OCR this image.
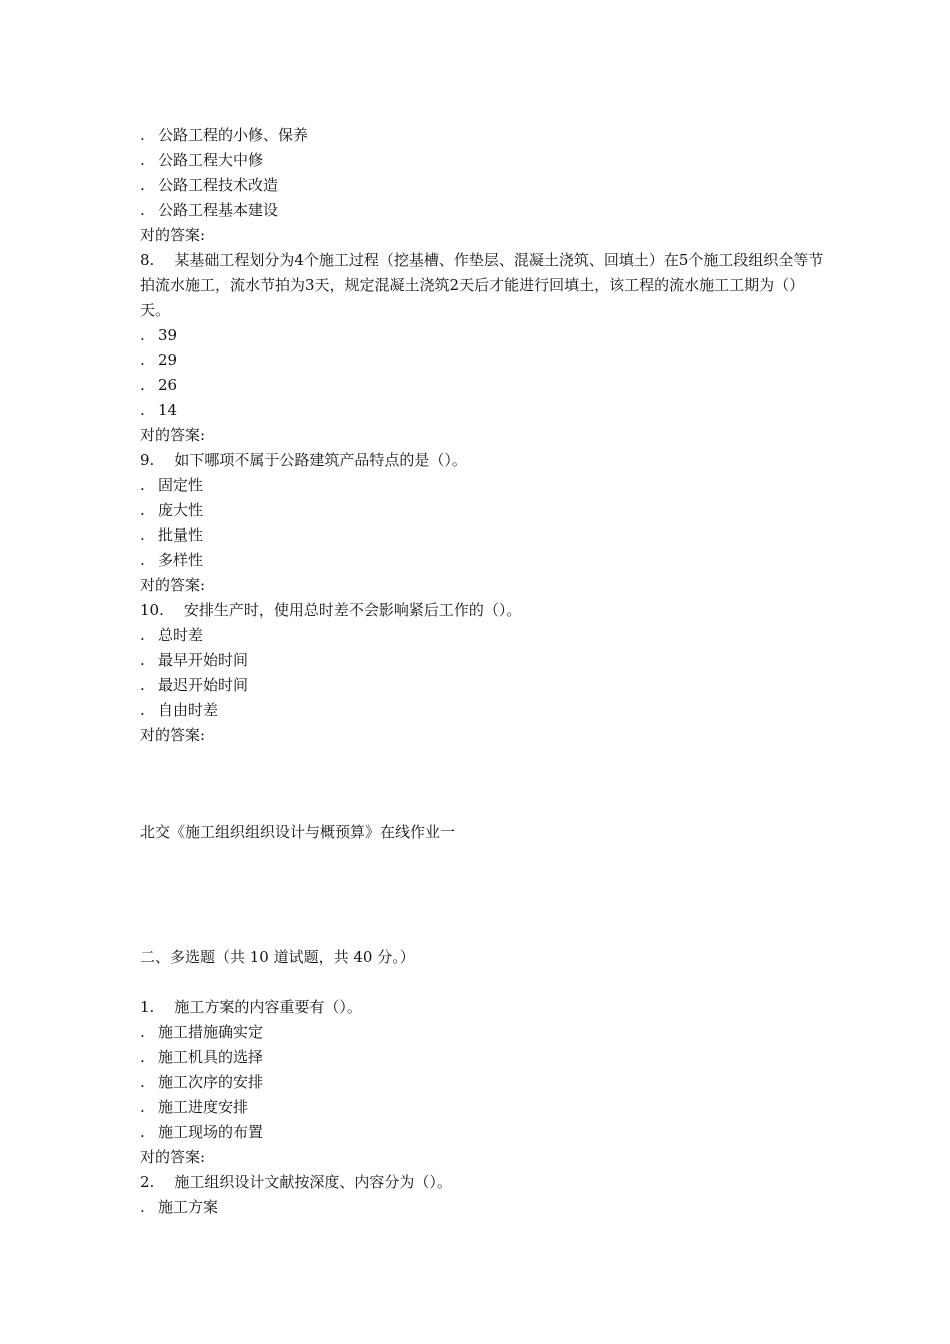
. 公路工程的小修、保养
. 公路工程大中修
. 公路工程技术改造
. 公路工程基本建设
对的答案:
8. 某基础工程划分为4个施工过程（挖基槽、作垫层、混凝土浇筑、回填土）在5个施工段组织全等节拍流水施工，流水节拍为3天，规定混凝土浇筑2天后才能进行回填土，该工程的流水施工工期为（）天。
. 39
. 29
. 26
. 14
对的答案:
9. 如下哪项不属于公路建筑产品特点的是（）。
. 固定性
. 庞大性
. 批量性
. 多样性
对的答案:
10. 安排生产时，使用总时差不会影响紧后工作的（）。
. 总时差
. 最早开始时间
. 最迟开始时间
. 自由时差
对的答案:
北交《施工组织组织设计与概预算》在线作业一
二、多选题（共 10 道试题，共 40 分。）
1. 施工方案的内容重要有（）。
. 施工措施确实定
. 施工机具的选择
. 施工次序的安排
. 施工进度安排
. 施工现场的布置
对的答案:
2. 施工组织设计文献按深度、内容分为（）。
. 施工方案
